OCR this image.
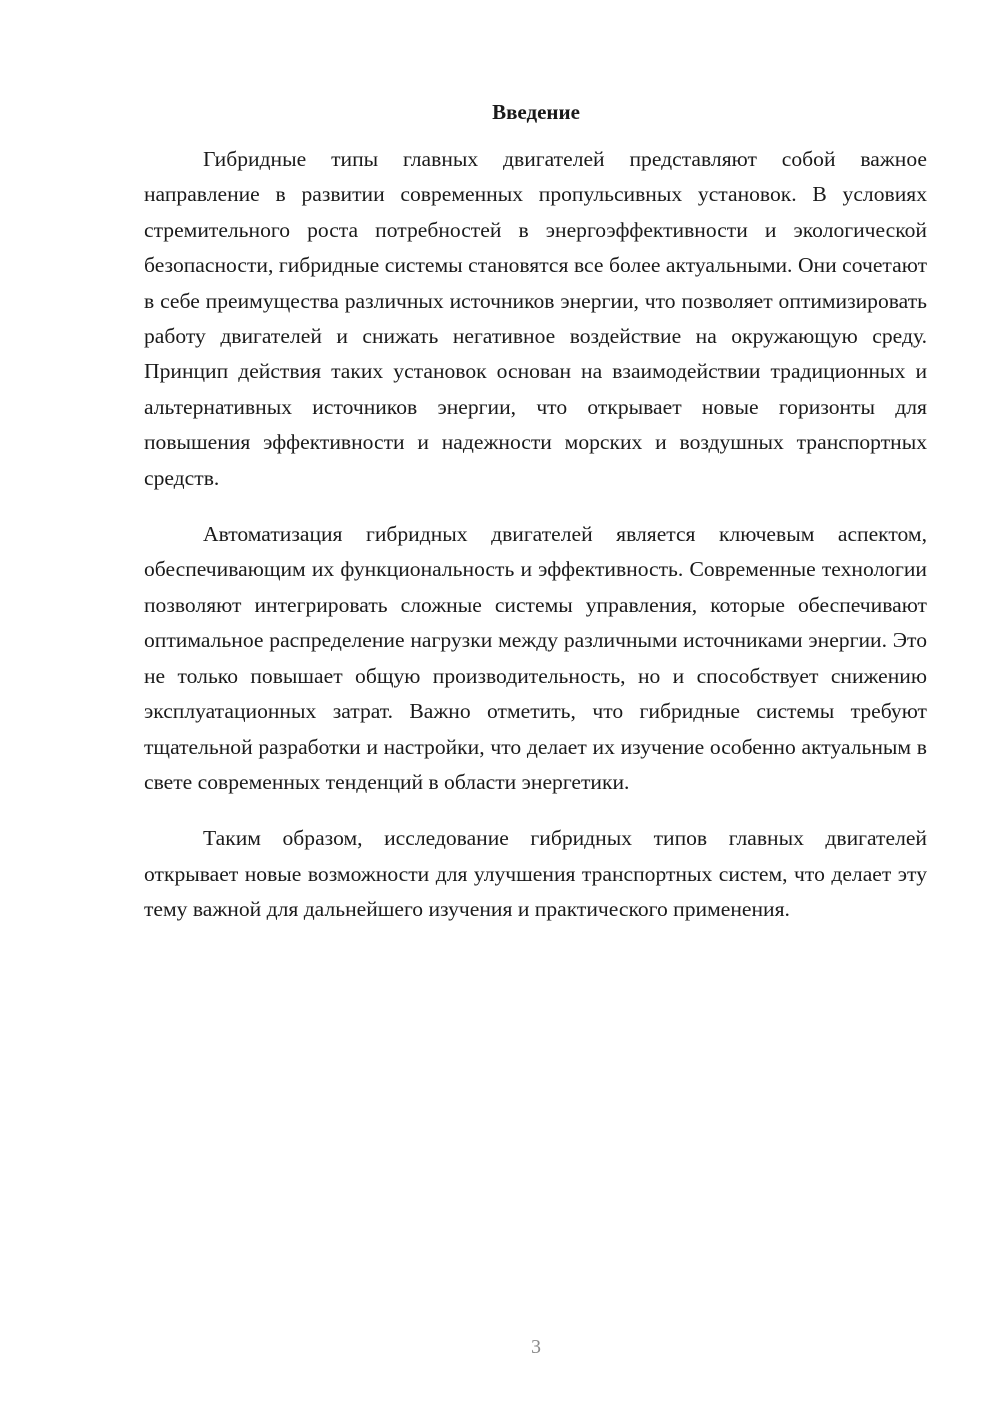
Введение

Гибридные типы главных двигателей представляют собой важное направление в развитии современных пропульсивных установок. В условиях стремительного роста потребностей в энергоэффективности и экологической безопасности, гибридные системы становятся все более актуальными. Они сочетают в себе преимущества различных источников энергии, что позволяет оптимизировать работу двигателей и снижать негативное воздействие на окружающую среду. Принцип действия таких установок основан на взаимодействии традиционных и альтернативных источников энергии, что открывает новые горизонты для повышения эффективности и надежности морских и воздушных транспортных средств.

Автоматизация гибридных двигателей является ключевым аспектом, обеспечивающим их функциональность и эффективность. Современные технологии позволяют интегрировать сложные системы управления, которые обеспечивают оптимальное распределение нагрузки между различными источниками энергии. Это не только повышает общую производительность, но и способствует снижению эксплуатационных затрат. Важно отметить, что гибридные системы требуют тщательной разработки и настройки, что делает их изучение особенно актуальным в свете современных тенденций в области энергетики.

Таким образом, исследование гибридных типов главных двигателей открывает новые возможности для улучшения транспортных систем, что делает эту тему важной для дальнейшего изучения и практического применения.

3
